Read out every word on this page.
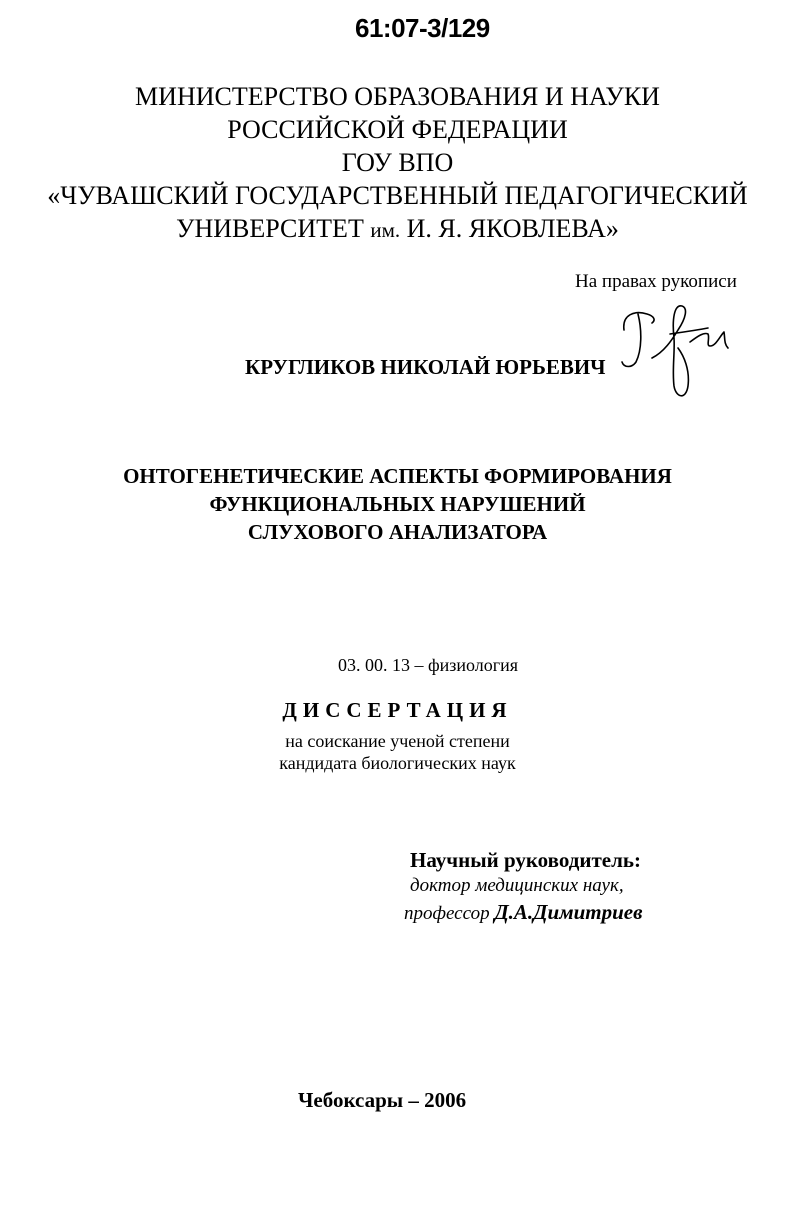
61:07-3/129
МИНИСТЕРСТВО ОБРАЗОВАНИЯ И НАУКИ
РОССИЙСКОЙ ФЕДЕРАЦИИ
ГОУ ВПО
«ЧУВАШСКИЙ ГОСУДАРСТВЕННЫЙ ПЕДАГОГИЧЕСКИЙ
УНИВЕРСИТЕТ им. И. Я. ЯКОВЛЕВА»
На правах рукописи
КРУГЛИКОВ НИКОЛАЙ ЮРЬЕВИЧ
ОНТОГЕНЕТИЧЕСКИЕ АСПЕКТЫ ФОРМИРОВАНИЯ
ФУНКЦИОНАЛЬНЫХ НАРУШЕНИЙ
СЛУХОВОГО АНАЛИЗАТОРА
03. 00. 13 – физиология
ДИССЕРТАЦИЯ
на соискание ученой степени
кандидата биологических наук
Научный руководитель:
доктор медицинских наук,
профессор Д.А.Димитриев
Чебоксары – 2006
